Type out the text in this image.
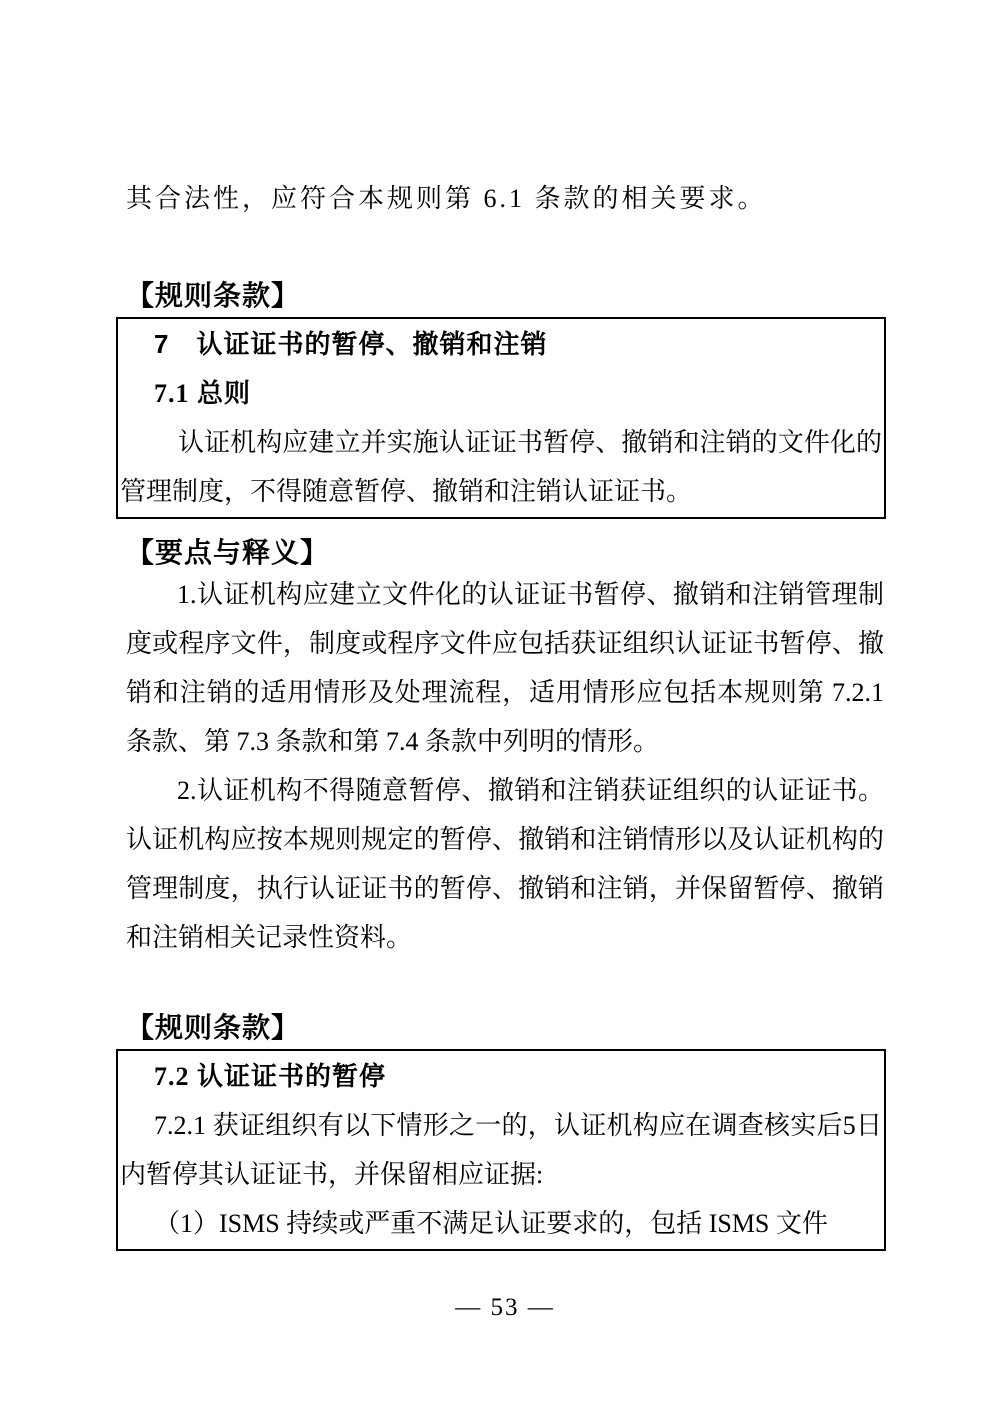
其合法性，应符合本规则第 6.1 条款的相关要求。

【规则条款】

7　认证证书的暂停、撤销和注销

7.1 总则

认证机构应建立并实施认证证书暂停、撤销和注销的文件化的管理制度，不得随意暂停、撤销和注销认证证书。

【要点与释义】

1.认证机构应建立文件化的认证证书暂停、撤销和注销管理制度或程序文件，制度或程序文件应包括获证组织认证证书暂停、撤销和注销的适用情形及处理流程，适用情形应包括本规则第 7.2.1 条款、第 7.3 条款和第 7.4 条款中列明的情形。

2.认证机构不得随意暂停、撤销和注销获证组织的认证证书。认证机构应按本规则规定的暂停、撤销和注销情形以及认证机构的管理制度，执行认证证书的暂停、撤销和注销，并保留暂停、撤销和注销相关记录性资料。

【规则条款】

7.2 认证证书的暂停

7.2.1 获证组织有以下情形之一的，认证机构应在调查核实后5日内暂停其认证证书，并保留相应证据:

（1）ISMS 持续或严重不满足认证要求的，包括 ISMS 文件

— 53 —
